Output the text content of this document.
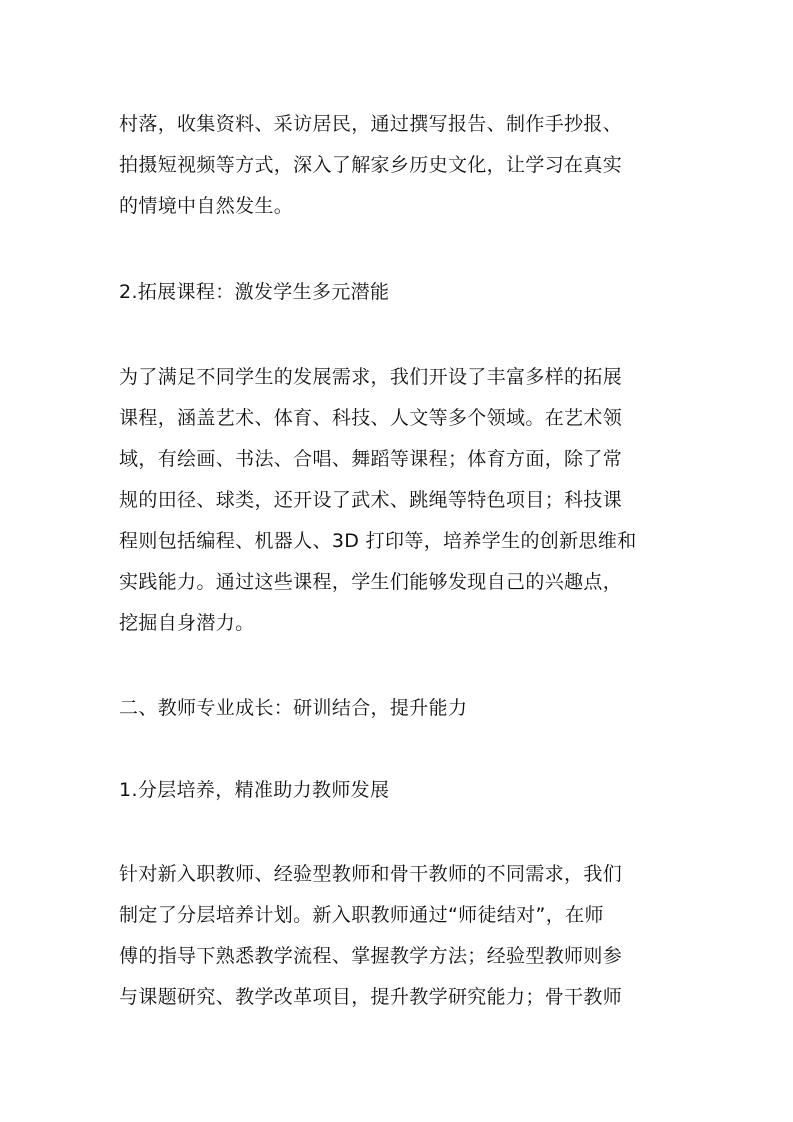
村落，收集资料、采访居民，通过撰写报告、制作手抄报、
拍摄短视频等方式，深入了解家乡历史文化，让学习在真实
的情境中自然发生。
2.拓展课程：激发学生多元潜能
为了满足不同学生的发展需求，我们开设了丰富多样的拓展
课程，涵盖艺术、体育、科技、人文等多个领域。在艺术领
域，有绘画、书法、合唱、舞蹈等课程；体育方面，除了常
规的田径、球类，还开设了武术、跳绳等特色项目；科技课
程则包括编程、机器人、3D 打印等，培养学生的创新思维和
实践能力。通过这些课程，学生们能够发现自己的兴趣点，
挖掘自身潜力。
二、教师专业成长：研训结合，提升能力
1.分层培养，精准助力教师发展
针对新入职教师、经验型教师和骨干教师的不同需求，我们
制定了分层培养计划。新入职教师通过“师徒结对”，在师
傅的指导下熟悉教学流程、掌握教学方法；经验型教师则参
与课题研究、教学改革项目，提升教学研究能力；骨干教师
